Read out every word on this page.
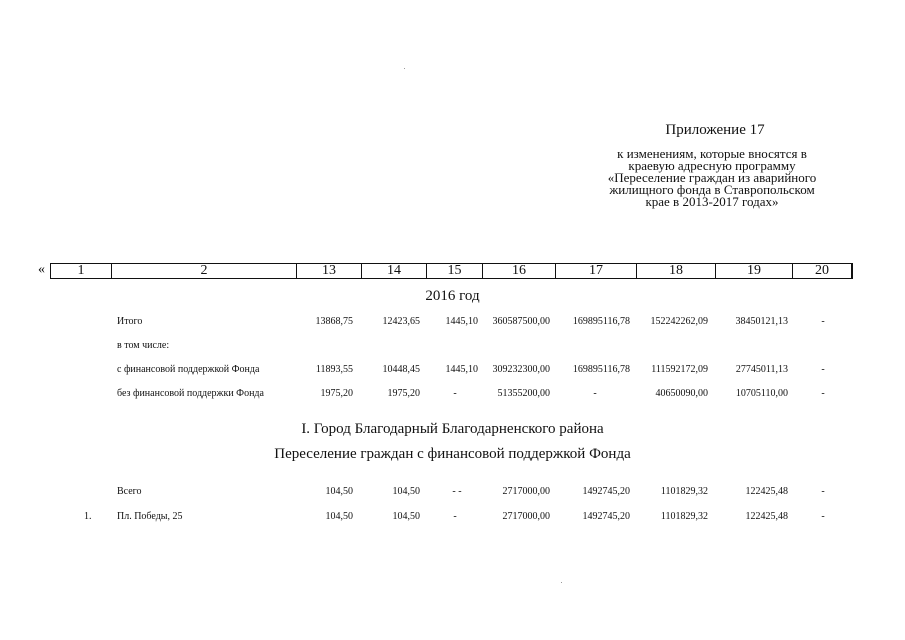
Приложение 17
к изменениям, которые вносятся в
краевую адресную программу
«Переселение граждан из аварийного
жилищного фонда в Ставропольском
крае в 2013-2017 годах»
« 1	2	13	14	15	16	17	18	19	20
2016 год
Итого	13868,75	12423,65	1445,10 360587500,00	169895116,78	152242262,09	38450121,13	-
в том числе:
с финансовой поддержкой Фонда	11893,55	10448,45	1445,10 309232300,00	169895116,78	111592172,09	27745011,13	-
без финансовой поддержки Фонда	1975,20	1975,20	-	51355200,00	-	40650090,00	10705110,00	-
I. Город Благодарный Благодарненского района
Переселение граждан с финансовой поддержкой Фонда
Всего	104,50	104,50	- -	2717000,00	1492745,20	1101829,32	122425,48	-
1.	Пл. Победы, 25	104,50	104,50	-	2717000,00	1492745,20	1101829,32	122425,48	-
